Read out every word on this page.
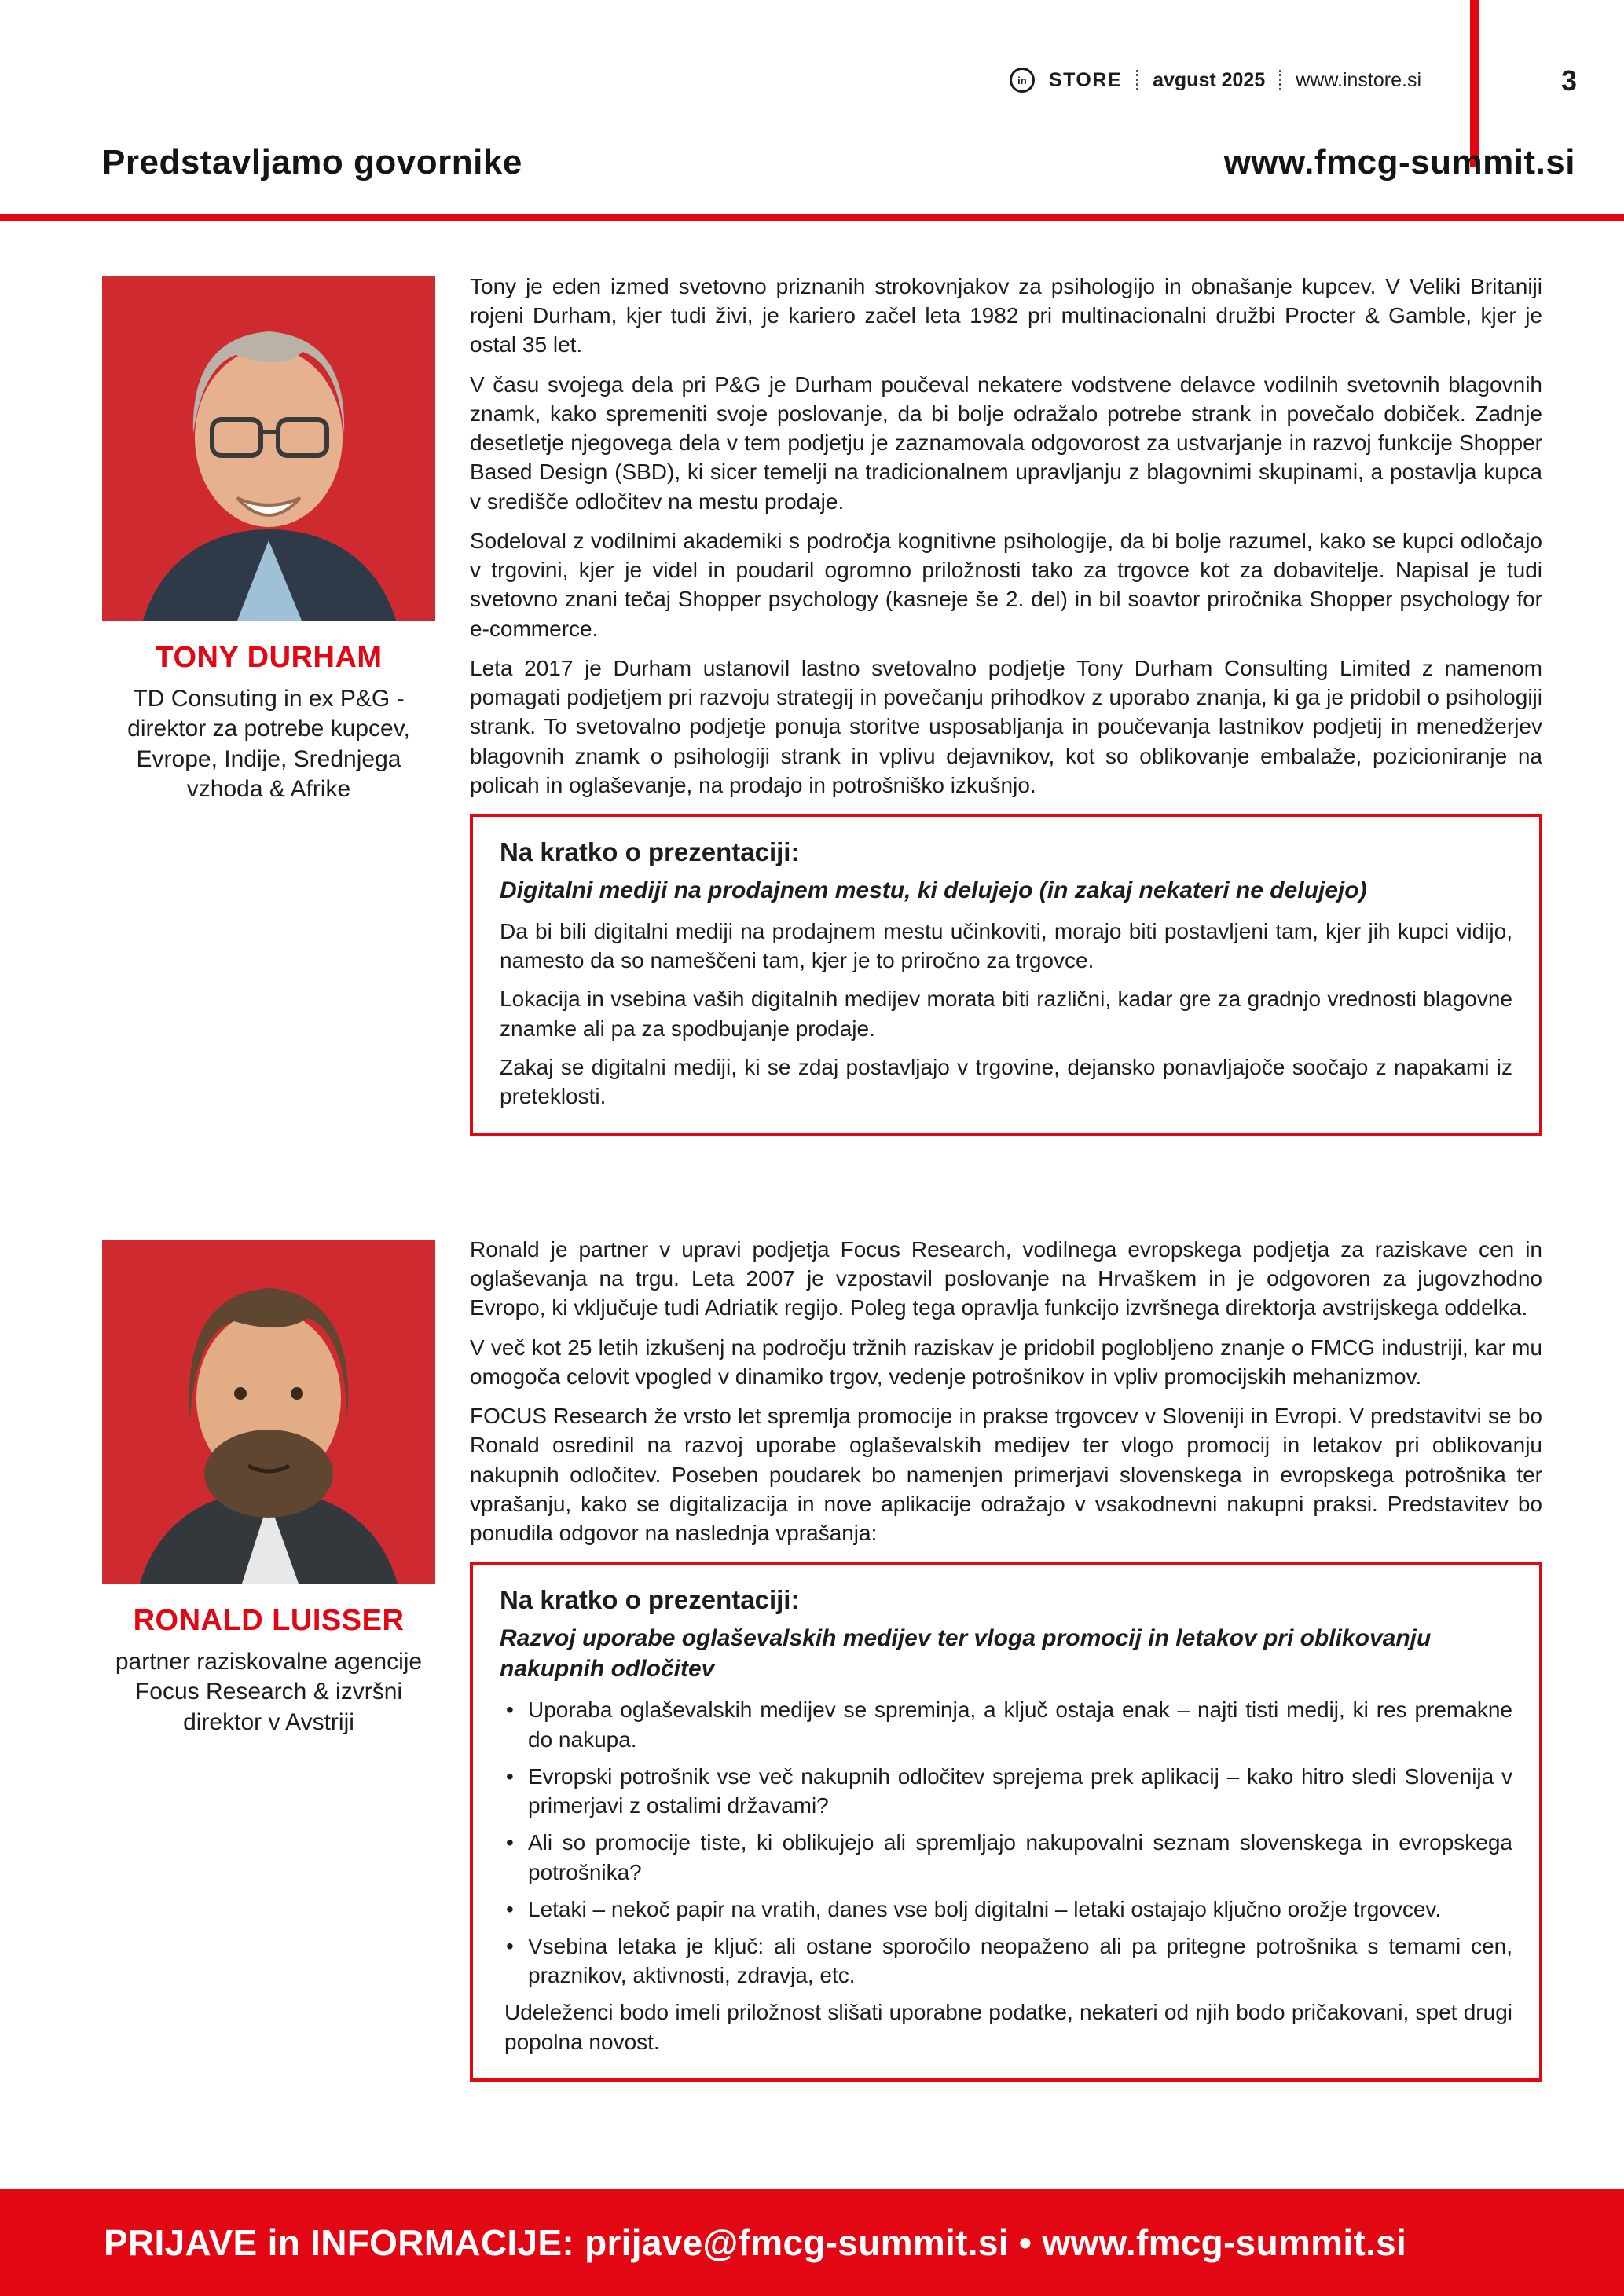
in	STORE avgust 2025 www.instore.si	3
Predstavljamo govornike	www.fmcg-summit.si
TONY DURHAM
TD Consuting in ex P&G - direktor za potrebe kupcev, Evrope, Indije, Srednjega vzhoda & Afrike

Tony je eden izmed svetovno priznanih strokovnjakov za psihologijo in obnašanje kupcev. V Veliki Britaniji rojeni Durham, kjer tudi živi, je kariero začel leta 1982 pri multinacionalni družbi Procter & Gamble, kjer je ostal 35 let.

V času svojega dela pri P&G je Durham poučeval nekatere vodstvene delavce vodilnih svetovnih blagovnih znamk, kako spremeniti svoje poslovanje, da bi bolje odražalo potrebe strank in povečalo dobiček. Zadnje desetletje njegovega dela v tem podjetju je zaznamovala odgovorost za ustvarjanje in razvoj funkcije Shopper Based Design (SBD), ki sicer temelji na tradicionalnem upravljanju z blagovnimi skupinami, a postavlja kupca v središče odločitev na mestu prodaje.

Sodeloval z vodilnimi akademiki s področja kognitivne psihologije, da bi bolje razumel, kako se kupci odločajo v trgovini, kjer je videl in poudaril ogromno priložnosti tako za trgovce kot za dobavitelje. Napisal je tudi svetovno znani tečaj Shopper psychology (kasneje še 2. del) in bil soavtor priročnika Shopper psychology for e-commerce.

Leta 2017 je Durham ustanovil lastno svetovalno podjetje Tony Durham Consulting Limited z namenom pomagati podjetjem pri razvoju strategij in povečanju prihodkov z uporabo znanja, ki ga je pridobil o psihologiji strank. To svetovalno podjetje ponuja storitve usposabljanja in poučevanja lastnikov podjetij in menedžerjev blagovnih znamk o psihologiji strank in vplivu dejavnikov, kot so oblikovanje embalaže, pozicioniranje na policah in oglaševanje, na prodajo in potrošniško izkušnjo.

Na kratko o prezentaciji:
Digitalni mediji na prodajnem mestu, ki delujejo (in zakaj nekateri ne delujejo)

Da bi bili digitalni mediji na prodajnem mestu učinkoviti, morajo biti postavljeni tam, kjer jih kupci vidijo, namesto da so nameščeni tam, kjer je to priročno za trgovce.

Lokacija in vsebina vaših digitalnih medijev morata biti različni, kadar gre za gradnjo vrednosti blagovne znamke ali pa za spodbujanje prodaje.

Zakaj se digitalni mediji, ki se zdaj postavljajo v trgovine, dejansko ponavljajoče soočajo z napakami iz preteklosti.

RONALD LUISSER
partner raziskovalne agencije Focus Research & izvršni direktor v Avstriji

Ronald je partner v upravi podjetja Focus Research, vodilnega evropskega podjetja za raziskave cen in oglaševanja na trgu. Leta 2007 je vzpostavil poslovanje na Hrvaškem in je odgovoren za jugovzhodno Evropo, ki vključuje tudi Adriatik regijo. Poleg tega opravlja funkcijo izvršnega direktorja avstrijskega oddelka.

V več kot 25 letih izkušenj na področju tržnih raziskav je pridobil poglobljeno znanje o FMCG industriji, kar mu omogoča celovit vpogled v dinamiko trgov, vedenje potrošnikov in vpliv promocijskih mehanizmov.

FOCUS Research že vrsto let spremlja promocije in prakse trgovcev v Sloveniji in Evropi. V predstavitvi se bo Ronald osredinil na razvoj uporabe oglaševalskih medijev ter vlogo promocij in letakov pri oblikovanju nakupnih odločitev. Poseben poudarek bo namenjen primerjavi slovenskega in evropskega potrošnika ter vprašanju, kako se digitalizacija in nove aplikacije odražajo v vsakodnevni nakupni praksi. Predstavitev bo ponudila odgovor na naslednja vprašanja:

Na kratko o prezentaciji:
Razvoj uporabe oglaševalskih medijev ter vloga promocij in letakov pri oblikovanju nakupnih odločitev
• Uporaba oglaševalskih medijev se spreminja, a ključ ostaja enak – najti tisti medij, ki res premakne do nakupa.
• Evropski potrošnik vse več nakupnih odločitev sprejema prek aplikacij – kako hitro sledi Slovenija v primerjavi z ostalimi državami?
• Ali so promocije tiste, ki oblikujejo ali spremljajo nakupovalni seznam slovenskega in evropskega potrošnika?
• Letaki – nekoč papir na vratih, danes vse bolj digitalni – letaki ostajajo ključno orožje trgovcev.
• Vsebina letaka je ključ: ali ostane sporočilo neopaženo ali pa pritegne potrošnika s temami cen, praznikov, aktivnosti, zdravja, etc.
Udeleženci bodo imeli priložnost slišati uporabne podatke, nekateri od njih bodo pričakovani, spet drugi popolna novost.
PRIJAVE in INFORMACIJE: prijave@fmcg-summit.si • www.fmcg-summit.si
